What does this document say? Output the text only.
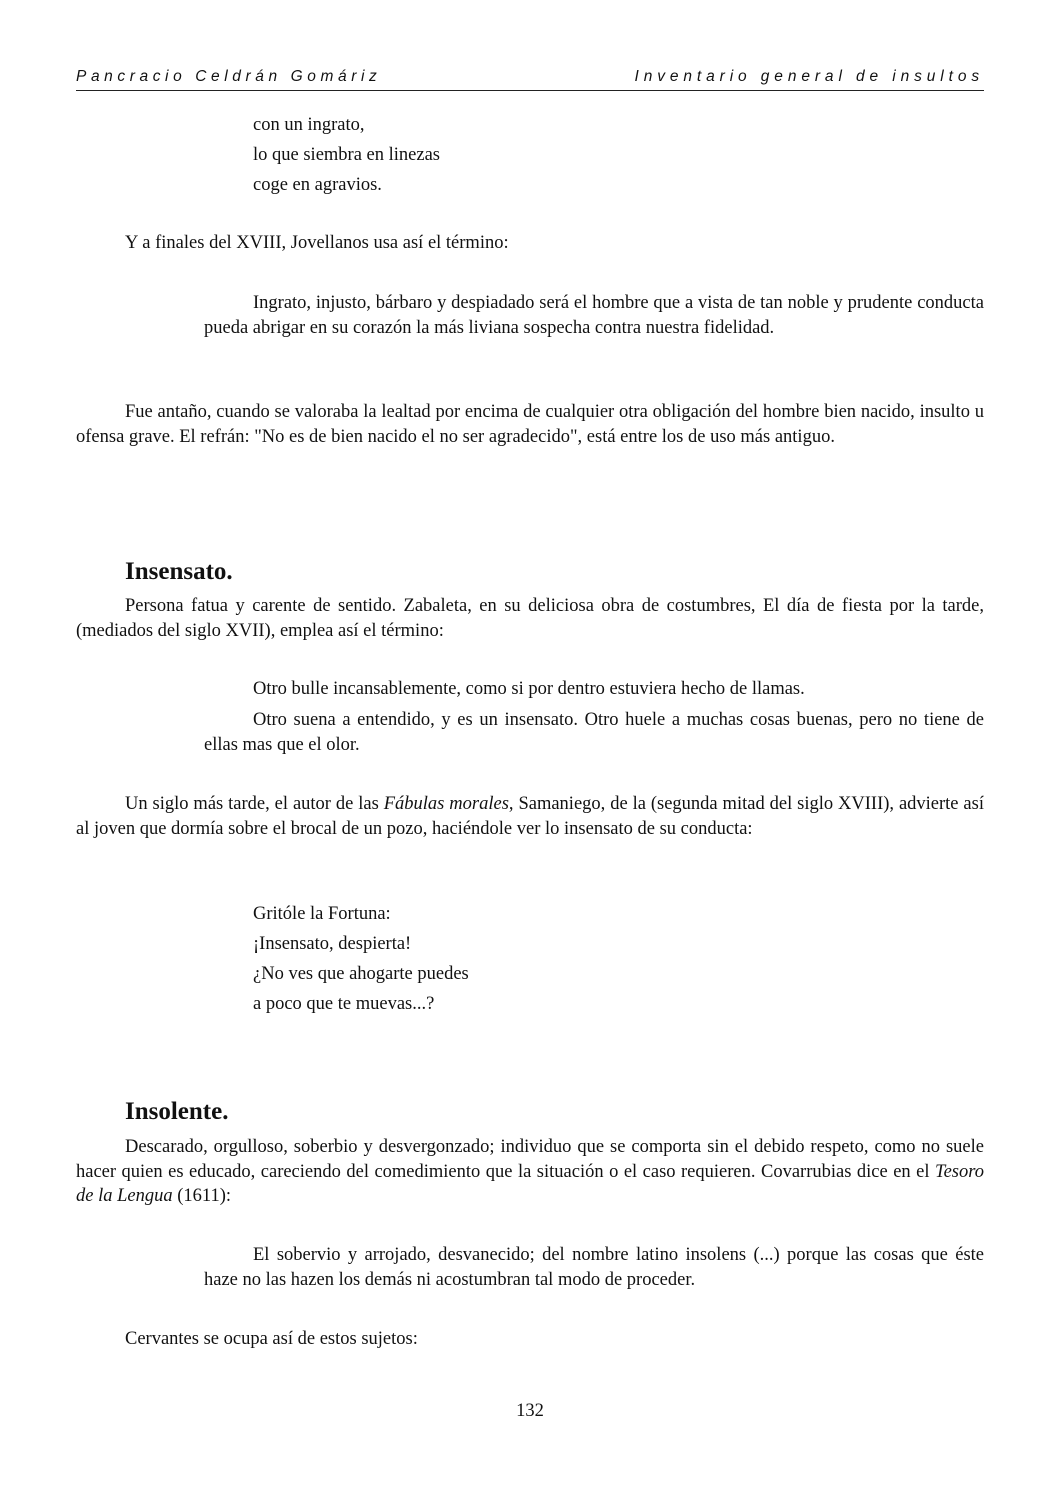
Pancracio Celdrán Gomáriz	Inventario general de insultos
con un ingrato,
lo que siembra en linezas
coge en agravios.

Y a finales del XVIII, Jovellanos usa así el término:

Ingrato, injusto, bárbaro y despiadado será el hombre que a vista de tan noble y prudente conducta pueda abrigar en su corazón la más liviana sospecha contra nuestra fidelidad.

Fue antaño, cuando se valoraba la lealtad por encima de cualquier otra obligación del hombre bien nacido, insulto u ofensa grave. El refrán: "No es de bien nacido el no ser agradecido", está entre los de uso más antiguo.

Insensato.

Persona fatua y carente de sentido. Zabaleta, en su deliciosa obra de costumbres, El día de fiesta por la tarde, (mediados del siglo XVII), emplea así el término:

Otro bulle incansablemente, como si por dentro estuviera hecho de llamas.

Otro suena a entendido, y es un insensato. Otro huele a muchas cosas buenas, pero no tiene de ellas mas que el olor.

Un siglo más tarde, el autor de las Fábulas morales, Samaniego, de la (segunda mitad del siglo XVIII), advierte así al joven que dormía sobre el brocal de un pozo, haciéndole ver lo insensato de su conducta:

Gritóle la Fortuna:
¡Insensato, despierta!
¿No ves que ahogarte puedes
a poco que te muevas...?
Insolente.

Descarado, orgulloso, soberbio y desvergonzado; individuo que se comporta sin el debido respeto, como no suele hacer quien es educado, careciendo del comedimiento que la situación o el caso requieren. Covarrubias dice en el Tesoro de la Lengua (1611):

El sobervio y arrojado, desvanecido; del nombre latino insolens (...) porque las cosas que éste haze no las hazen los demás ni acostumbran tal modo de proceder.

Cervantes se ocupa así de estos sujetos:

132
